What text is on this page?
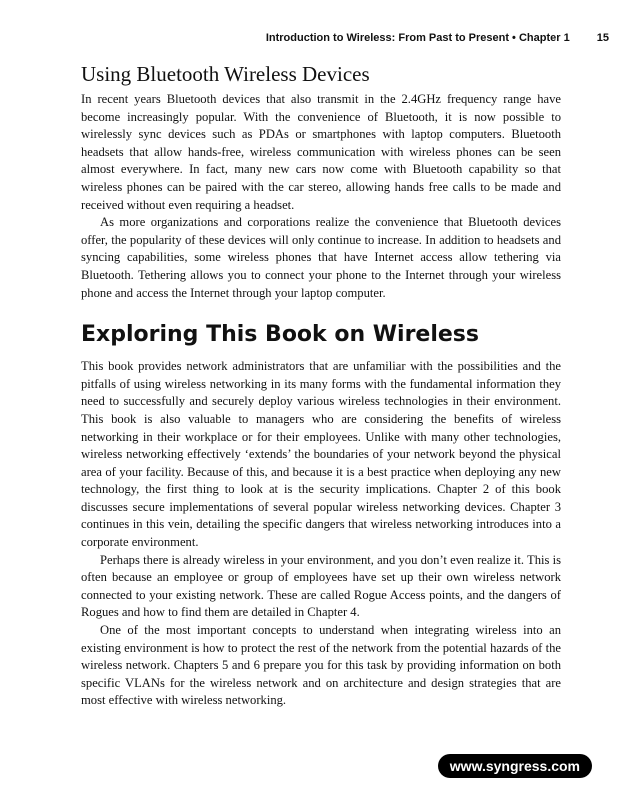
Introduction to Wireless: From Past to Present • Chapter 1 15
Using Bluetooth Wireless Devices

In recent years Bluetooth devices that also transmit in the 2.4GHz frequency range have become increasingly popular. With the convenience of Bluetooth, it is now possible to wirelessly sync devices such as PDAs or smartphones with laptop computers. Bluetooth headsets that allow hands-free, wireless communication with wireless phones can be seen almost everywhere. In fact, many new cars now come with Bluetooth capability so that wireless phones can be paired with the car stereo, allowing hands free calls to be made and received without even requiring a headset.

As more organizations and corporations realize the convenience that Bluetooth devices offer, the popularity of these devices will only continue to increase. In addition to headsets and syncing capabilities, some wireless phones that have Internet access allow tethering via Bluetooth. Tethering allows you to connect your phone to the Internet through your wireless phone and access the Internet through your laptop computer.

Exploring This Book on Wireless

This book provides network administrators that are unfamiliar with the possibilities and the pitfalls of using wireless networking in its many forms with the fundamental information they need to successfully and securely deploy various wireless technologies in their environment. This book is also valuable to managers who are considering the benefits of wireless networking in their workplace or for their employees. Unlike with many other technologies, wireless networking effectively ‘extends’ the boundaries of your network beyond the physical area of your facility. Because of this, and because it is a best practice when deploying any new technology, the first thing to look at is the security implications. Chapter 2 of this book discusses secure implementations of several popular wireless networking devices. Chapter 3 continues in this vein, detailing the specific dangers that wireless networking introduces into a corporate environment.

Perhaps there is already wireless in your environment, and you don’t even realize it. This is often because an employee or group of employees have set up their own wireless network connected to your existing network. These are called Rogue Access points, and the dangers of Rogues and how to find them are detailed in Chapter 4.

One of the most important concepts to understand when integrating wireless into an existing environment is how to protect the rest of the network from the potential hazards of the wireless network. Chapters 5 and 6 prepare you for this task by providing information on both specific VLANs for the wireless network and on architecture and design strategies that are most effective with wireless networking.

www.syngress.com
